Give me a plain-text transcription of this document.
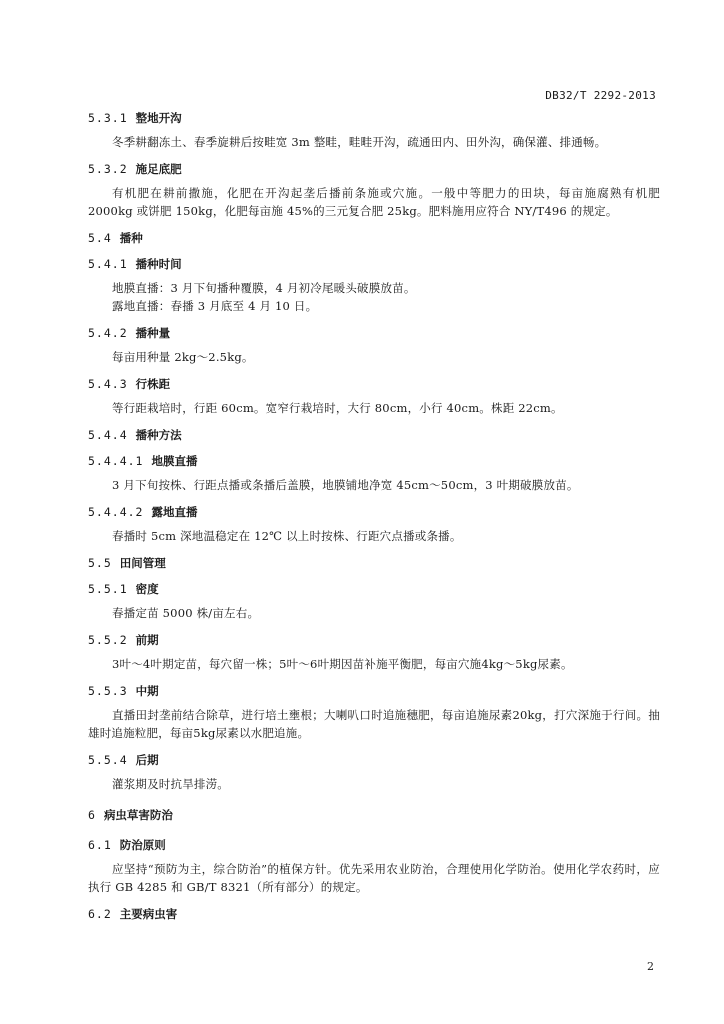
DB32/T 2292-2013
5.3.1 整地开沟

冬季耕翻冻土、春季旋耕后按畦宽 3m 整畦，畦畦开沟，疏通田内、田外沟，确保灌、排通畅。

5.3.2 施足底肥

有机肥在耕前撒施，化肥在开沟起垄后播前条施或穴施。一般中等肥力的田块，每亩施腐熟有机肥 2000kg 或饼肥 150kg，化肥每亩施 45%的三元复合肥 25kg。肥料施用应符合 NY/T496 的规定。

5.4 播种
5.4.1 播种时间

地膜直播：3 月下旬播种覆膜，4 月初冷尾暖头破膜放苗。

露地直播：春播 3 月底至 4 月 10 日。

5.4.2 播种量

每亩用种量 2kg～2.5kg。

5.4.3 行株距

等行距栽培时，行距 60cm。宽窄行栽培时，大行 80cm，小行 40cm。株距 22cm。

5.4.4 播种方法
5.4.4.1 地膜直播

3 月下旬按株、行距点播或条播后盖膜，地膜铺地净宽 45cm～50cm，3 叶期破膜放苗。

5.4.4.2 露地直播

春播时 5cm 深地温稳定在 12℃ 以上时按株、行距穴点播或条播。

5.5 田间管理
5.5.1 密度

春播定苗 5000 株/亩左右。

5.5.2 前期

3叶～4叶期定苗，每穴留一株；5叶～6叶期因苗补施平衡肥，每亩穴施4kg～5kg尿素。

5.5.3 中期

直播田封垄前结合除草，进行培土壅根；大喇叭口时追施穗肥，每亩追施尿素20kg，打穴深施于行间。抽雄时追施粒肥，每亩5kg尿素以水肥追施。

5.5.4 后期

灌浆期及时抗旱排涝。

6 病虫草害防治
6.1 防治原则

应坚持“预防为主，综合防治”的植保方针。优先采用农业防治，合理使用化学防治。使用化学农药时，应执行 GB 4285 和 GB/T 8321（所有部分）的规定。

6.2 主要病虫害
2
